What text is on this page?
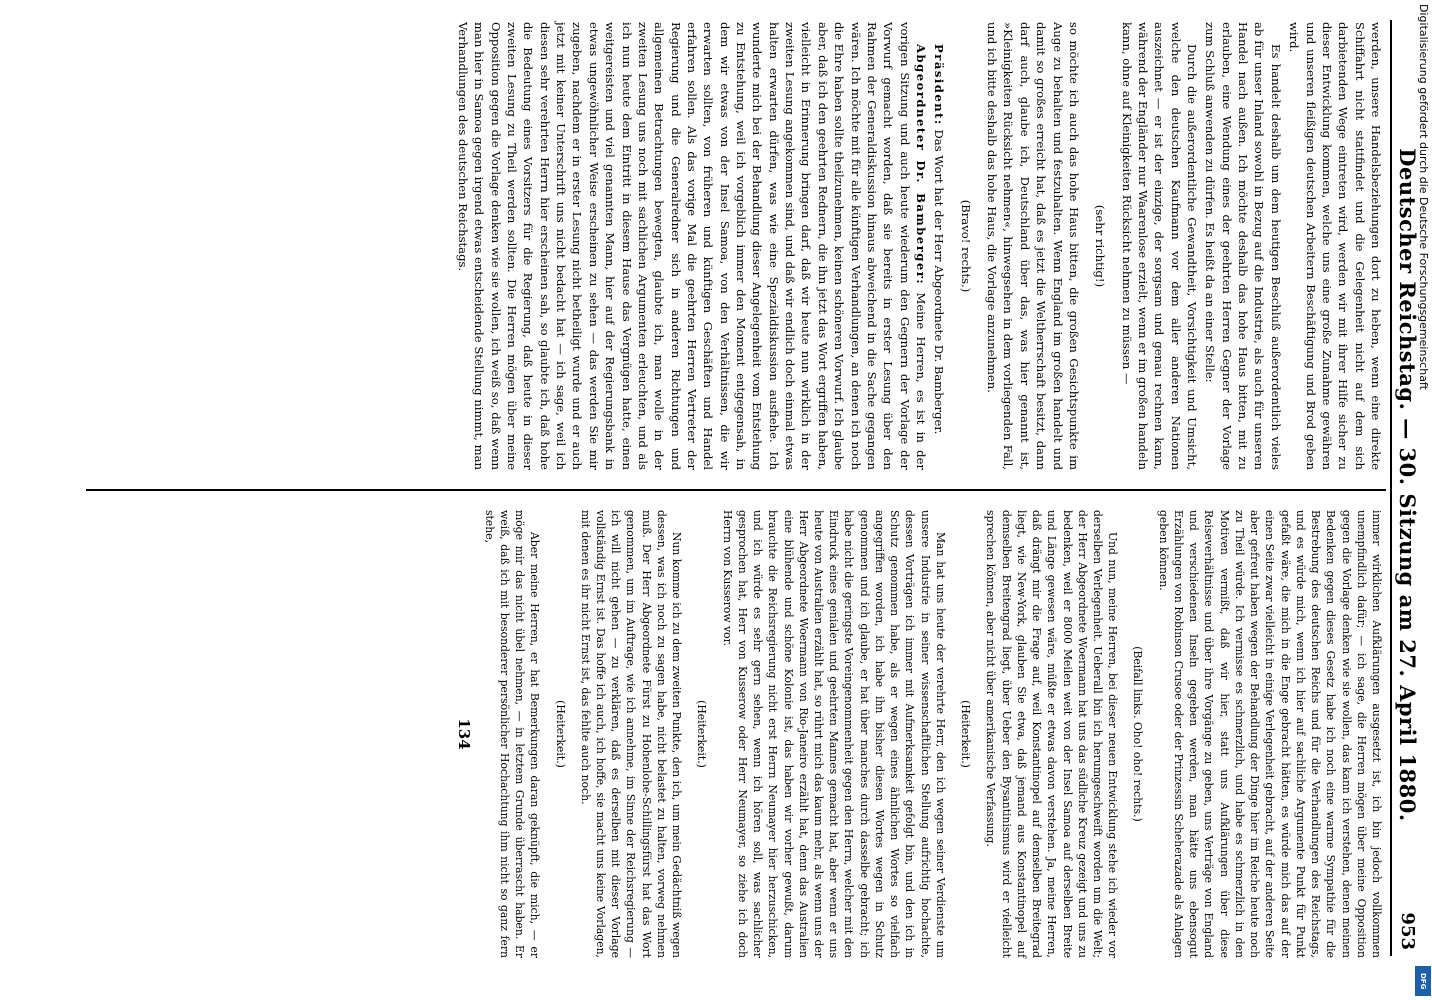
Deutscher Reichstag. — 30. Sitzung am 27. April 1880.
953

werden, unsere Handelsbeziehungen dort zu heben, wenn eine direkte Schiffahrt nicht stattfindet und die Gelegenheit nicht auf dem sich darbietenden Wege eintreten wird, werden wir mit ihrer Hilfe sicher zu dieser Entwicklung kommen, welche uns eine große Zunahme gewähren und unseren fleißigen deutschen Arbeitern Beschäftigung und Brod geben wird.

Es handelt deshalb um dem heutigen Beschluß außerordentlich vieles ab für unser Inland sowohl in Bezug auf die Industrie, als auch für unseren Handel nach außen. Ich möchte deshalb das hohe Haus bitten, mit zu erlauben, eine Wendung eines der geehrten Herren Gegner der Vorlage zum Schluß anwenden zu dürfen. Es heißt da an einer Stelle:

Durch die außerordentliche Gewandtheit, Vorsichtigkeit und Umsicht, welche den deutschen Kaufmann vor dem aller anderen Nationen auszeichnet — er ist der einzige, der sorgsam und genau rechnen kann, während der Engländer nur Waarenlose erzielt, wenn er im großen handeln kann, ohne auf Kleinigkeiten Rücksicht nehmen zu müssen —

(sehr richtig!)

so möchte ich auch das hohe Haus bitten, die großen Gesichtspunkte im Auge zu behalten und festzuhalten. Wenn England im großen handelt und damit so großes erreicht hat, daß es jetzt die Weltherrschaft besitzt, dann darf auch, glaube ich, Deutschland über das, was hier genannt ist, »Kleinigkeiten Rücksicht nehmen«, hinwegsehen in dem vorliegenden Fall, und ich bitte deshalb das hohe Haus, die Vorlage anzunehmen.

(Bravo! rechts.)

Präsident: Das Wort hat der Herr Abgeordnete Dr. Bamberger.

Abgeordneter Dr. Bamberger: Meine Herren, es ist in der vorigen Sitzung und auch heute wiederum den Gegnern der Vorlage der Vorwurf gemacht worden, daß sie bereits in erster Lesung über den Rahmen der Generaldiskussion hinaus abweichend in die Sache gegangen wären. Ich möchte mit für alle künftigen Verhandlungen, an denen ich noch die Ehre haben sollte theilzunehmen, keinen schöneren Vorwurf. Ich glaube aber, daß ich den geehrten Rednern, die ihn jetzt das Wort ergriffen haben, vielleicht in Erinnerung bringen darf, daß wir heute nun wirklich in der zweiten Lesung angekommen sind, und daß wir endlich doch einmal etwas halten erwarten dürfen, was wie eine Spezialdiskussion ausfiehe. Ich wunderte mich bei der Behandlung dieser Angelegenheit vom Entstehung zu Entstehung, weil ich vorgeblich immer den Moment entgegensah, in dem wir etwas von der Insel Samoa, von den Verhältnissen, die wir erwarten sollten, von früheren und künftigen Geschäften und Handel erfahren sollen. Als das vorige Mal die geehrten Herren Vertreter der Regierung und die Generalredner sich in anderen Richtungen und allgemeinen Betrachtungen bewegten, glaubte ich, man wolle in der zweiten Lesung uns noch mit sachlichen Argumenten erleuchten, und als ich nun heute dem Eintritt in diesem Hause das Vergnügen hatte, einen weitgereisten und viel genannten Mann, hier auf der Regierungsbank in etwas ungewöhnlicher Weise erscheinen zu sehen — das werden Sie mir zugeben, nachdem er in erster Lesung nicht betheiligt wurde und er auch jetzt mit keiner Unterschrift uns nicht bedacht hat — ich sage, weil ich diesen sehr verehrten Herrn hier erscheinen sah, so glaubte ich, daß hohe die Bedeutung eines Vorsitzers für die Regierung, daß heute in dieser zweiten Lesung zu Theil werden sollten. Die Herren mögen über meine Opposition gegen die Vorlage denken wie sie wollen, ich weiß so, daß wenn man hier in Samoa gegen irgend etwas entscheidende Stellung nimmt, man Verhandlungen des deutschen Reichstags.

immer wirklichen Aufklärungen ausgesetzt ist, ich bin jedoch vollkommen unempfindlich dafür; — ich sage, die Herren mögen über meine Opposition gegen die Vorlage denken wie sie wollen, das kann ich verstehen, denen meinen Bedenken gegen dieses Gesetz habe ich noch eine warme Sympathie für die Bestrebung des deutschen Reichs und für die Verhandlungen des Reichstags, und es würde mich, wenn ich hier auf sachliche Argumente Punkt für Punkt gefaßt wäre, die mich in die Enge gebracht hätten, es würde mich das auf der einen Seite zwar vielleicht in einige Verlegenheit gebracht, auf der anderen Seite aber gefreut haben wegen der Behandlung der Dinge hier im Reiche heute noch zu Theil würde. Ich vermisse es schmerzlich, und habe es schmerzlich in den Motiven vermißt, daß wir hier, statt uns Aufklärungen über diese Reiseverhältnisse und über ihre Vorgänge zu geben, uns Verträge von England und verschiedenen Inseln gegeben werden, man hätte uns ebensogut Erzählungen von Robinson Crusoe oder der Prinzessin Scheherazade als Anlagen geben können.

(Beifall links. Oho! oho! rechts.)

Und nun, meine Herren, bei dieser neuen Entwicklung stehe ich wieder vor derselben Verlegenheit. Ueberall bin ich herumgeschweift worden um die Welt; der Herr Abgeordnete Woermann hat uns das südliche Kreuz gezeigt und uns zu bedenken, weil er 8000 Meilen weit von der Insel Samoa auf derselben Breite und Länge gewesen wäre, müßte er etwas davon verstehen. Ja, meine Herren, daß drängt mir die Frage auf, weil Konstantinopel auf demselben Breitegrad liegt, wie New-York, glauben Sie etwa, daß jemand aus Konstantinopel auf demselben Breitengrad liegt, über Ueber den Bysantinismus wird er vielleicht sprechen können, aber nicht über amerikanische Verfassung.

(Heiterkeit.)

Man hat uns heute der verehrte Herr, den ich wegen seiner Verdienste um unsere Industrie in seiner wissenschaftlichen Stellung aufrichtig hochachte, dessen Vorträgen ich immer mit Aufmerksamkeit gefolgt bin, und den ich in Schutz genommen habe, als er wegen eines ähnlichen Wortes so vielfach angegriffen worden, ich habe ihn bisher diesen Wortes wegen in Schutz genommen und ich glaube, er hat über manches durch dasselbe gebracht; ich habe nicht die geringste Voreingenommenheit gegen den Herrn, welcher mit den Eindruck eines genialen und geehrten Mannes gemacht hat, aber wenn er uns heute von Australien erzählt hat, so rührt mich das kaum mehr, als wenn uns der Herr Abgeordnete Woermann von Rio-Janeiro erzählt hat, denn das Australien eine blühende und schöne Kolonie ist, das haben wir vorher gewußt, darum brauchte die Reichsregierung nicht erst Herrn Neumayer hier herzuschicken, und ich würde es sehr gern sehen, wenn ich hören soll, was sachlicher gesprochen hat, Herr von Kusserow oder Herr Neumayer, so ziehe ich doch Herrn von Kusserow vor.

(Heiterkeit.)

Nun komme ich zu dem zweiten Punkte, den ich, um mein Gedächtniß wegen dessen, was ich noch zu sagen habe, nicht belastet zu halten, vorweg nehmen muß. Der Herr Abgeordnete Fürst zu Hohenlohe-Schillingsfürst hat das Wort genommen, um im Auftrage, wie ich annehme, im Sinne der Reichsregierung — ich will nicht gehen — zu verklären, daß es derselben mit dieser Vorlage vollständig Ernst ist. Das hoffe ich auch, ich hoffe, sie macht uns keine Vorlagen, mit denen es ihr nicht Ernst ist, das fehlte auch noch.

(Heiterkeit.)

Aber meine Herren, er hat Bemerkungen daran geknüpft, die mich, — er möge mir das nicht übel nehmen, — in letztem Grunde überrascht haben. Er weiß, daß ich mit besonderer persönlicher Hochachtung ihm nicht so ganz fern stehe,

134
Digitalisierung gefördert durch die Deutsche Forschungsgemeinschaft
DFG
